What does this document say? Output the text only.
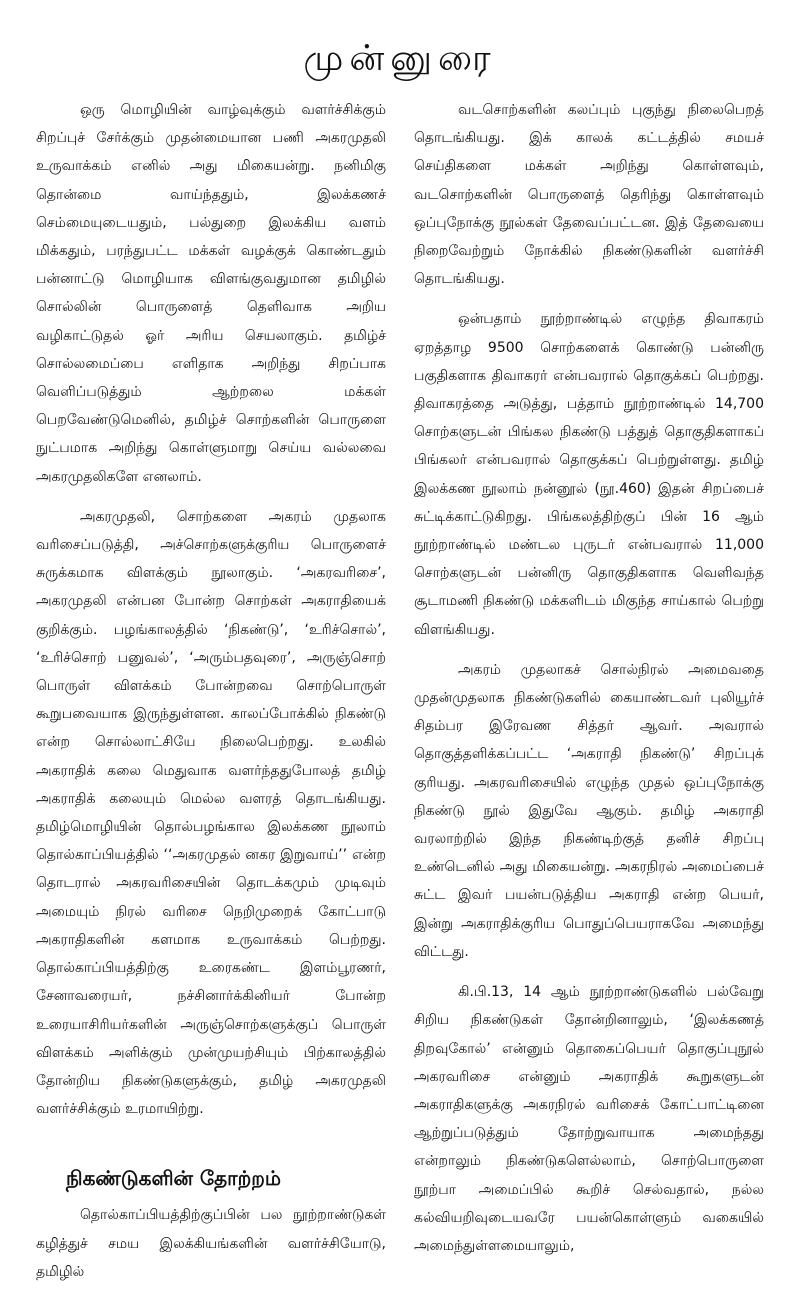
முன்னுரை

ஒரு மொழியின் வாழ்வுக்கும் வளர்ச்சிக்கும் சிறப்புச் சேர்க்கும் முதன்மையான பணி அகரமுதலி உருவாக்கம் எனில் அது மிகையன்று. நனிமிகு தொன்மை வாய்ந்ததும், இலக்கணச் செம்மையுடையதும், பல்துறை இலக்கிய வளம் மிக்கதும், பரந்துபட்ட மக்கள் வழக்குக் கொண்டதும் பன்னாட்டு மொழியாக விளங்குவதுமான தமிழில் சொல்லின் பொருளைத் தெளிவாக அறிய வழிகாட்டுதல் ஓர் அரிய செயலாகும். தமிழ்ச் சொல்லமைப்பை எளிதாக அறிந்து சிறப்பாக வெளிப்படுத்தும் ஆற்றலை மக்கள் பெறவேண்டுமெனில், தமிழ்ச் சொற்களின் பொருளை நுட்பமாக அறிந்து கொள்ளுமாறு செய்ய வல்லவை அகரமுதலிகளே எனலாம்.

அகரமுதலி, சொற்களை அகரம் முதலாக வரிசைப்படுத்தி, அச்சொற்களுக்குரிய பொருளைச் சுருக்கமாக விளக்கும் நூலாகும். ‘அகரவரிசை’, அகரமுதலி என்பன போன்ற சொற்கள் அகராதியைக் குறிக்கும். பழங்காலத்தில் ‘நிகண்டு’, ‘உரிச்சொல்’, ‘உரிச்சொற் பனுவல்’, ‘அரும்பதவுரை’, அருஞ்சொற் பொருள் விளக்கம் போன்றவை சொற்பொருள் கூறுபவையாக இருந்துள்ளன. காலப்போக்கில் நிகண்டு என்ற சொல்லாட்சியே நிலைபெற்றது. உலகில் அகராதிக் கலை மெதுவாக வளர்ந்ததுபோலத் தமிழ் அகராதிக் கலையும் மெல்ல வளரத் தொடங்கியது. தமிழ்மொழியின் தொல்பழங்கால இலக்கண நூலாம் தொல்காப்பியத்தில் ‘‘அகரமுதல் னகர இறுவாய்’’ என்ற தொடரால் அகரவரிசையின் தொடக்கமும் முடிவும் அமையும் நிரல் வரிசை நெறிமுறைக் கோட்பாடு அகராதிகளின் களமாக உருவாக்கம் பெற்றது. தொல்காப்பியத்திற்கு உரைகண்ட இளம்பூரணர், சேனாவரையர், நச்சினார்க்கினியர் போன்ற உரையாசிரியர்களின் அருஞ்சொற்களுக்குப் பொருள் விளக்கம் அளிக்கும் முன்முயற்சியும் பிற்காலத்தில் தோன்றிய நிகண்டுகளுக்கும், தமிழ் அகரமுதலி வளர்ச்சிக்கும் உரமாயிற்று.

நிகண்டுகளின் தோற்றம்

தொல்காப்பியத்திற்குப்பின் பல நூற்றாண்டுகள் கழித்துச் சமய இலக்கியங்களின் வளர்ச்சியோடு, தமிழில்

வடசொற்களின் கலப்பும் புகுந்து நிலைபெறத் தொடங்கியது. இக் காலக் கட்டத்தில் சமயச் செய்திகளை மக்கள் அறிந்து கொள்ளவும், வடசொற்களின் பொருளைத் தெரிந்து கொள்ளவும் ஒப்புநோக்கு நூல்கள் தேவைப்பட்டன. இத் தேவையை நிறைவேற்றும் நோக்கில் நிகண்டுகளின் வளர்ச்சி தொடங்கியது.

ஒன்பதாம் நூற்றாண்டில் எழுந்த திவாகரம் ஏறத்தாழ 9500 சொற்களைக் கொண்டு பன்னிரு பகுதிகளாக திவாகரர் என்பவரால் தொகுக்கப் பெற்றது. திவாகரத்தை அடுத்து, பத்தாம் நூற்றாண்டில் 14,700 சொற்களுடன் பிங்கல நிகண்டு பத்துத் தொகுதிகளாகப் பிங்கலர் என்பவரால் தொகுக்கப் பெற்றுள்ளது. தமிழ் இலக்கண நூலாம் நன்னூல் (நூ.460) இதன் சிறப்பைச் சுட்டிக்காட்டுகிறது. பிங்கலத்திற்குப் பின் 16 ஆம் நூற்றாண்டில் மண்டல புருடர் என்பவரால் 11,000 சொற்களுடன் பன்னிரு தொகுதிகளாக வெளிவந்த சூடாமணி நிகண்டு மக்களிடம் மிகுந்த சாய்கால் பெற்று விளங்கியது.

அகரம் முதலாகச் சொல்நிரல் அமைவதை முதன்முதலாக நிகண்டுகளில் கையாண்டவர் புலியூர்ச் சிதம்பர இரேவண சித்தர் ஆவர். அவரால் தொகுத்தளிக்கப்பட்ட ‘அகராதி நிகண்டு’ சிறப்புக் குரியது. அகரவரிசையில் எழுந்த முதல் ஒப்புநோக்கு நிகண்டு நூல் இதுவே ஆகும். தமிழ் அகராதி வரலாற்றில் இந்த நிகண்டிற்குத் தனிச் சிறப்பு உண்டெனில் அது மிகையன்று. அகரநிரல் அமைப்பைச் சுட்ட இவர் பயன்படுத்திய அகராதி என்ற பெயர், இன்று அகராதிக்குரிய பொதுப்பெயராகவே அமைந்து விட்டது.

கி.பி.13, 14 ஆம் நூற்றாண்டுகளில் பல்வேறு சிறிய நிகண்டுகள் தோன்றினாலும், ‘இலக்கணத் திறவுகோல்’ என்னும் தொகைப்பெயர் தொகுப்புநூல் அகரவரிசை என்னும் அகராதிக் கூறுகளுடன் அகராதிகளுக்கு அகரநிரல் வரிசைக் கோட்பாட்டினை ஆற்றுப்படுத்தும் தோற்றுவாயாக அமைந்தது என்றாலும் நிகண்டுகளெல்லாம், சொற்பொருளை நூற்பா அமைப்பில் கூறிச் செல்வதால், நல்ல கல்வியறிவுடையவரே பயன்கொள்ளும் வகையில் அமைந்துள்ளமையாலும்,
